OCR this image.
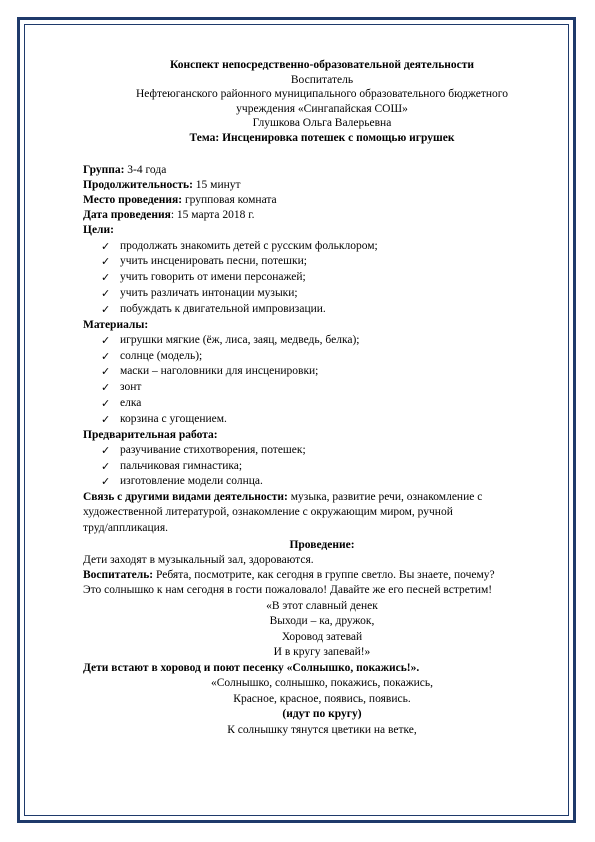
Конспект непосредственно-образовательной деятельности
Воспитатель
Нефтеюганского районного муниципального образовательного бюджетного
учреждения «Сингапайская СОШ»
Глушкова Ольга Валерьевна
Тема: Инсценировка потешек с помощью игрушек
Группа: 3-4 года
Продолжительность: 15 минут
Место проведения: групповая комната
Дата проведения: 15 марта 2018 г.
Цели:
✓ продолжать знакомить детей с русским фольклором;
✓ учить инсценировать песни, потешки;
✓ учить говорить от имени персонажей;
✓ учить различать интонации музыки;
✓ побуждать к двигательной импровизации.
Материалы:
✓ игрушки мягкие (ёж, лиса, заяц, медведь, белка);
✓ солнце (модель);
✓ маски – наголовники для инсценировки;
✓ зонт
✓ елка
✓ корзина с угощением.
Предварительная работа:
✓ разучивание стихотворения, потешек;
✓ пальчиковая гимнастика;
✓ изготовление модели солнца.
Связь с другими видами деятельности: музыка, развитие речи, ознакомление с
художественной литературой, ознакомление с окружающим миром, ручной
труд/аппликация.
Проведение:
Дети заходят в музыкальный зал, здороваются.
Воспитатель: Ребята, посмотрите, как сегодня в группе светло. Вы знаете, почему?
Это солнышко к нам сегодня в гости пожаловало! Давайте же его песней встретим!
«В этот славный денек
Выходи – ка, дружок,
Хоровод затевай
И в кругу запевай!»
Дети встают в хоровод и поют песенку «Солнышко, покажись!».
«Солнышко, солнышко, покажись, покажись,
Красное, красное, появись, появись.
(идут по кругу)
К солнышку тянутся цветики на ветке,
